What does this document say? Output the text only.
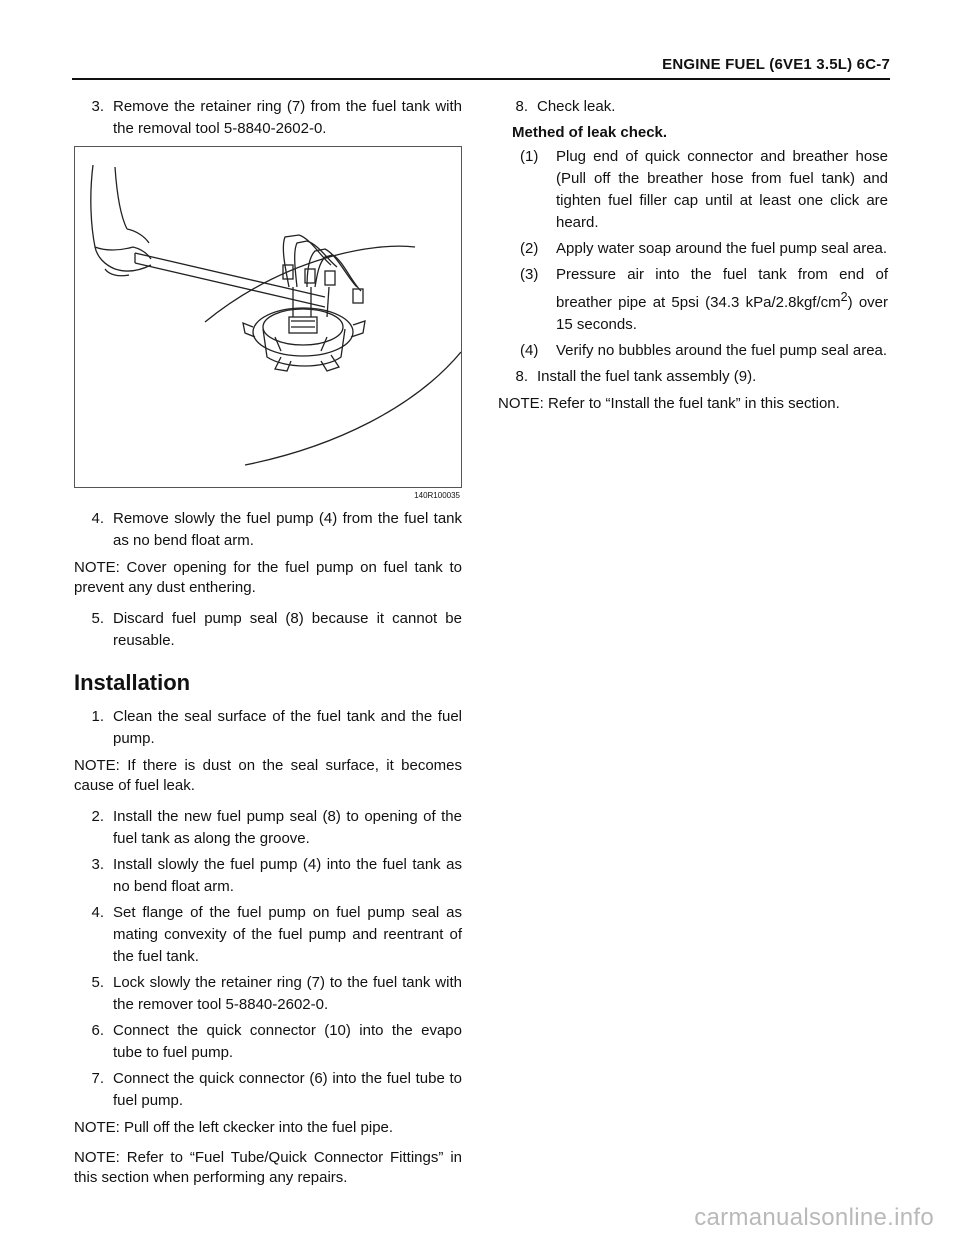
ENGINE FUEL (6VE1 3.5L) 6C-7
3. Remove the retainer ring (7) from the fuel tank with the removal tool 5-8840-2602-0.
140R100035
4. Remove slowly the fuel pump (4) from the fuel tank as no bend float arm.
NOTE: Cover opening for the fuel pump on fuel tank to prevent any dust enthering.
5. Discard fuel pump seal (8) because it cannot be reusable.
Installation
1. Clean the seal surface of the fuel tank and the fuel pump.
NOTE: If there is dust on the seal surface, it becomes cause of fuel leak.
2. Install the new fuel pump seal (8) to opening of the fuel tank as along the groove.
3. Install slowly the fuel pump (4) into the fuel tank as no bend float arm.
4. Set flange of the fuel pump on fuel pump seal as mating convexity of the fuel pump and reentrant of the fuel tank.
5. Lock slowly the retainer ring (7) to the fuel tank with the remover tool 5-8840-2602-0.
6. Connect the quick connector (10) into the evapo tube to fuel pump.
7. Connect the quick connector (6) into the fuel tube to fuel pump.
NOTE: Pull off the left ckecker into the fuel pipe.
NOTE: Refer to “Fuel Tube/Quick Connector Fittings” in this section when performing any repairs.
8. Check leak.
Methed of leak check.
(1) Plug end of quick connector and breather hose (Pull off the breather hose from fuel tank) and tighten fuel filler cap until at least one click are heard.
(2) Apply water soap around the fuel pump seal area.
(3) Pressure air into the fuel tank from end of breather pipe at 5psi (34.3 kPa/$2.8kgf/cm^2$) over 15 seconds.
(4) Verify no bubbles around the fuel pump seal area.
8. Install the fuel tank assembly (9).
NOTE: Refer to “Install the fuel tank” in this section.
carmanualsonline.info
